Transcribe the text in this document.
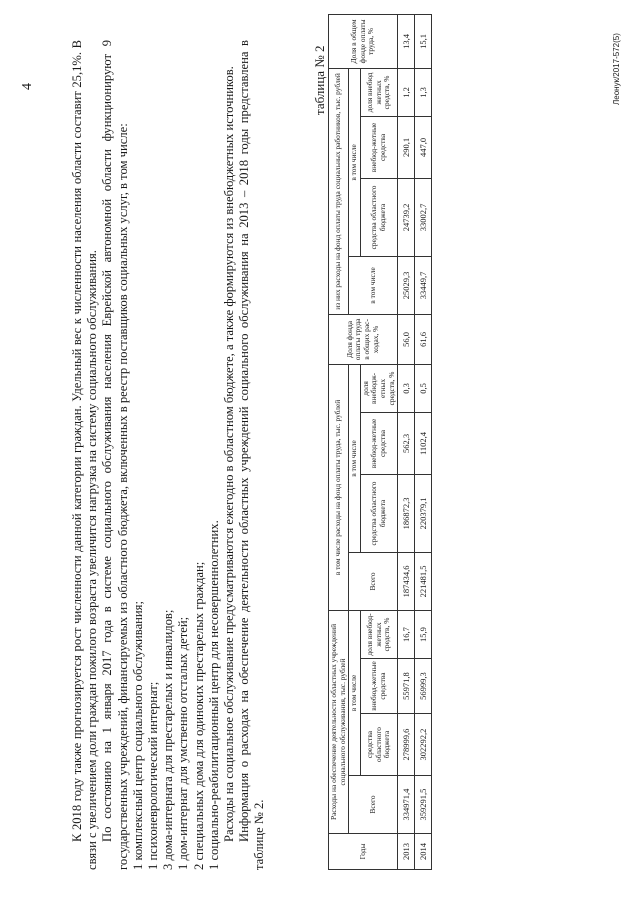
4	К 2018 году также прогнозируется рост численности данной категории граждан. Удельный вес к численности населения области составит 25,1%. В связи с увеличением доли граждан пожилого возраста увеличится нагрузка на систему социального обслуживания. По состоянию на 1 января 2017 года в системе социального обслуживания населения Еврейской автономной области функционируют 9 государственных учреждений, финансируемых из областного бюджета, включенных в реестр поставщиков социальных услуг, в том числе: 1 комплексный центр социального обслуживания; 1 психоневрологический интернат; 3 дома-интерната для престарелых и инвалидов; 1 дом-интернат для умственно отсталых детей; 2 специальных дома для одиноких престарелых граждан; 1 социально-реабилитационный центр для несовершеннолетних. Расходы на социальное обслуживание предусматриваются ежегодно в областном бюджете, а также формируются из внебюджетных источников. Информация о расходах на обеспечение деятельности областных учреждений социального обслуживания на 2013 – 2018 годы представлена в таблице № 2.

таблица № 2
Годы	Расходы на обеспечение деятельности областных учреждений социального обслуживания, тыс. рублей				в том числе расходы на фонд оплаты труда, тыс. рублей				Доля фонда оплаты труда в общих рас-ходах, %	из них расходы на фонд оплаты труда социальных работников, тыс. рублей				Доля в общем фонде оплаты труда, %
	Всего	в том числе			Всего	в том числе				в том числе	в том числе			
		средства областного бюджета	внебюд-жетные средства	доля внебюд-жетных средств, %		средства областного бюджета	внебюд-жетные средства	доля внебюдж-етных средств, %			средства областного бюджета	внебюд-жетные средства	доля внебюд жетных средств, %	
2013	334971,4	278999,6	55971,8	16,7	187434,6	186872,3	562,3	0,3	56,0	25029,3	24739,2	290,1	1,2	13,4
2014	359291,5	302292,2	56999,3	15,9	221481,5	220379,1	1102,4	0,5	61,6	33449,7	33002,7	447,0	1,3	15,1	Леонук/2017-572(5)
